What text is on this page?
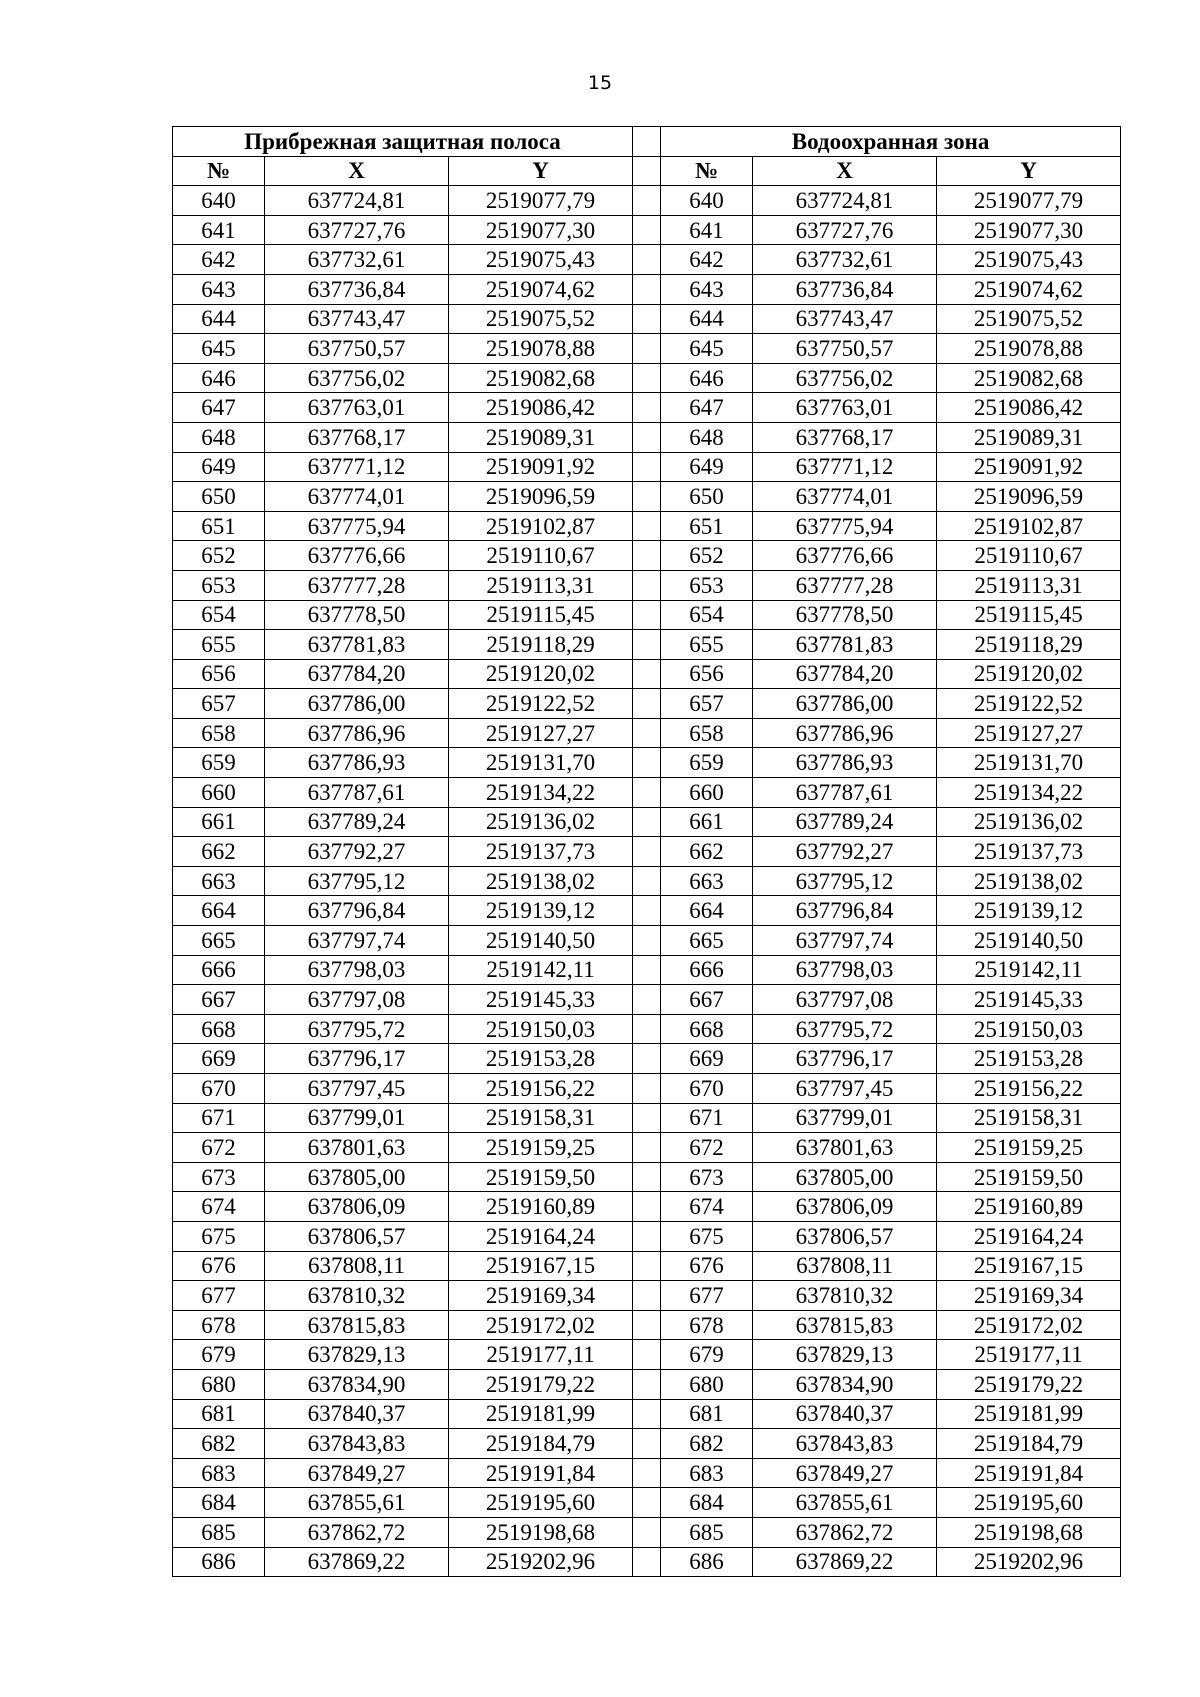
15
Прибрежная защитная полоса				Водоохранная зона		
№	X	Y		№	X	Y
640	637724,81	2519077,79		640	637724,81	2519077,79
641	637727,76	2519077,30		641	637727,76	2519077,30
642	637732,61	2519075,43		642	637732,61	2519075,43
643	637736,84	2519074,62		643	637736,84	2519074,62
644	637743,47	2519075,52		644	637743,47	2519075,52
645	637750,57	2519078,88		645	637750,57	2519078,88
646	637756,02	2519082,68		646	637756,02	2519082,68
647	637763,01	2519086,42		647	637763,01	2519086,42
648	637768,17	2519089,31		648	637768,17	2519089,31
649	637771,12	2519091,92		649	637771,12	2519091,92
650	637774,01	2519096,59		650	637774,01	2519096,59
651	637775,94	2519102,87		651	637775,94	2519102,87
652	637776,66	2519110,67		652	637776,66	2519110,67
653	637777,28	2519113,31		653	637777,28	2519113,31
654	637778,50	2519115,45		654	637778,50	2519115,45
655	637781,83	2519118,29		655	637781,83	2519118,29
656	637784,20	2519120,02		656	637784,20	2519120,02
657	637786,00	2519122,52		657	637786,00	2519122,52
658	637786,96	2519127,27		658	637786,96	2519127,27
659	637786,93	2519131,70		659	637786,93	2519131,70
660	637787,61	2519134,22		660	637787,61	2519134,22
661	637789,24	2519136,02		661	637789,24	2519136,02
662	637792,27	2519137,73		662	637792,27	2519137,73
663	637795,12	2519138,02		663	637795,12	2519138,02
664	637796,84	2519139,12		664	637796,84	2519139,12
665	637797,74	2519140,50		665	637797,74	2519140,50
666	637798,03	2519142,11		666	637798,03	2519142,11
667	637797,08	2519145,33		667	637797,08	2519145,33
668	637795,72	2519150,03		668	637795,72	2519150,03
669	637796,17	2519153,28		669	637796,17	2519153,28
670	637797,45	2519156,22		670	637797,45	2519156,22
671	637799,01	2519158,31		671	637799,01	2519158,31
672	637801,63	2519159,25		672	637801,63	2519159,25
673	637805,00	2519159,50		673	637805,00	2519159,50
674	637806,09	2519160,89		674	637806,09	2519160,89
675	637806,57	2519164,24		675	637806,57	2519164,24
676	637808,11	2519167,15		676	637808,11	2519167,15
677	637810,32	2519169,34		677	637810,32	2519169,34
678	637815,83	2519172,02		678	637815,83	2519172,02
679	637829,13	2519177,11		679	637829,13	2519177,11
680	637834,90	2519179,22		680	637834,90	2519179,22
681	637840,37	2519181,99		681	637840,37	2519181,99
682	637843,83	2519184,79		682	637843,83	2519184,79
683	637849,27	2519191,84		683	637849,27	2519191,84
684	637855,61	2519195,60		684	637855,61	2519195,60
685	637862,72	2519198,68		685	637862,72	2519198,68
686	637869,22	2519202,96		686	637869,22	2519202,96
